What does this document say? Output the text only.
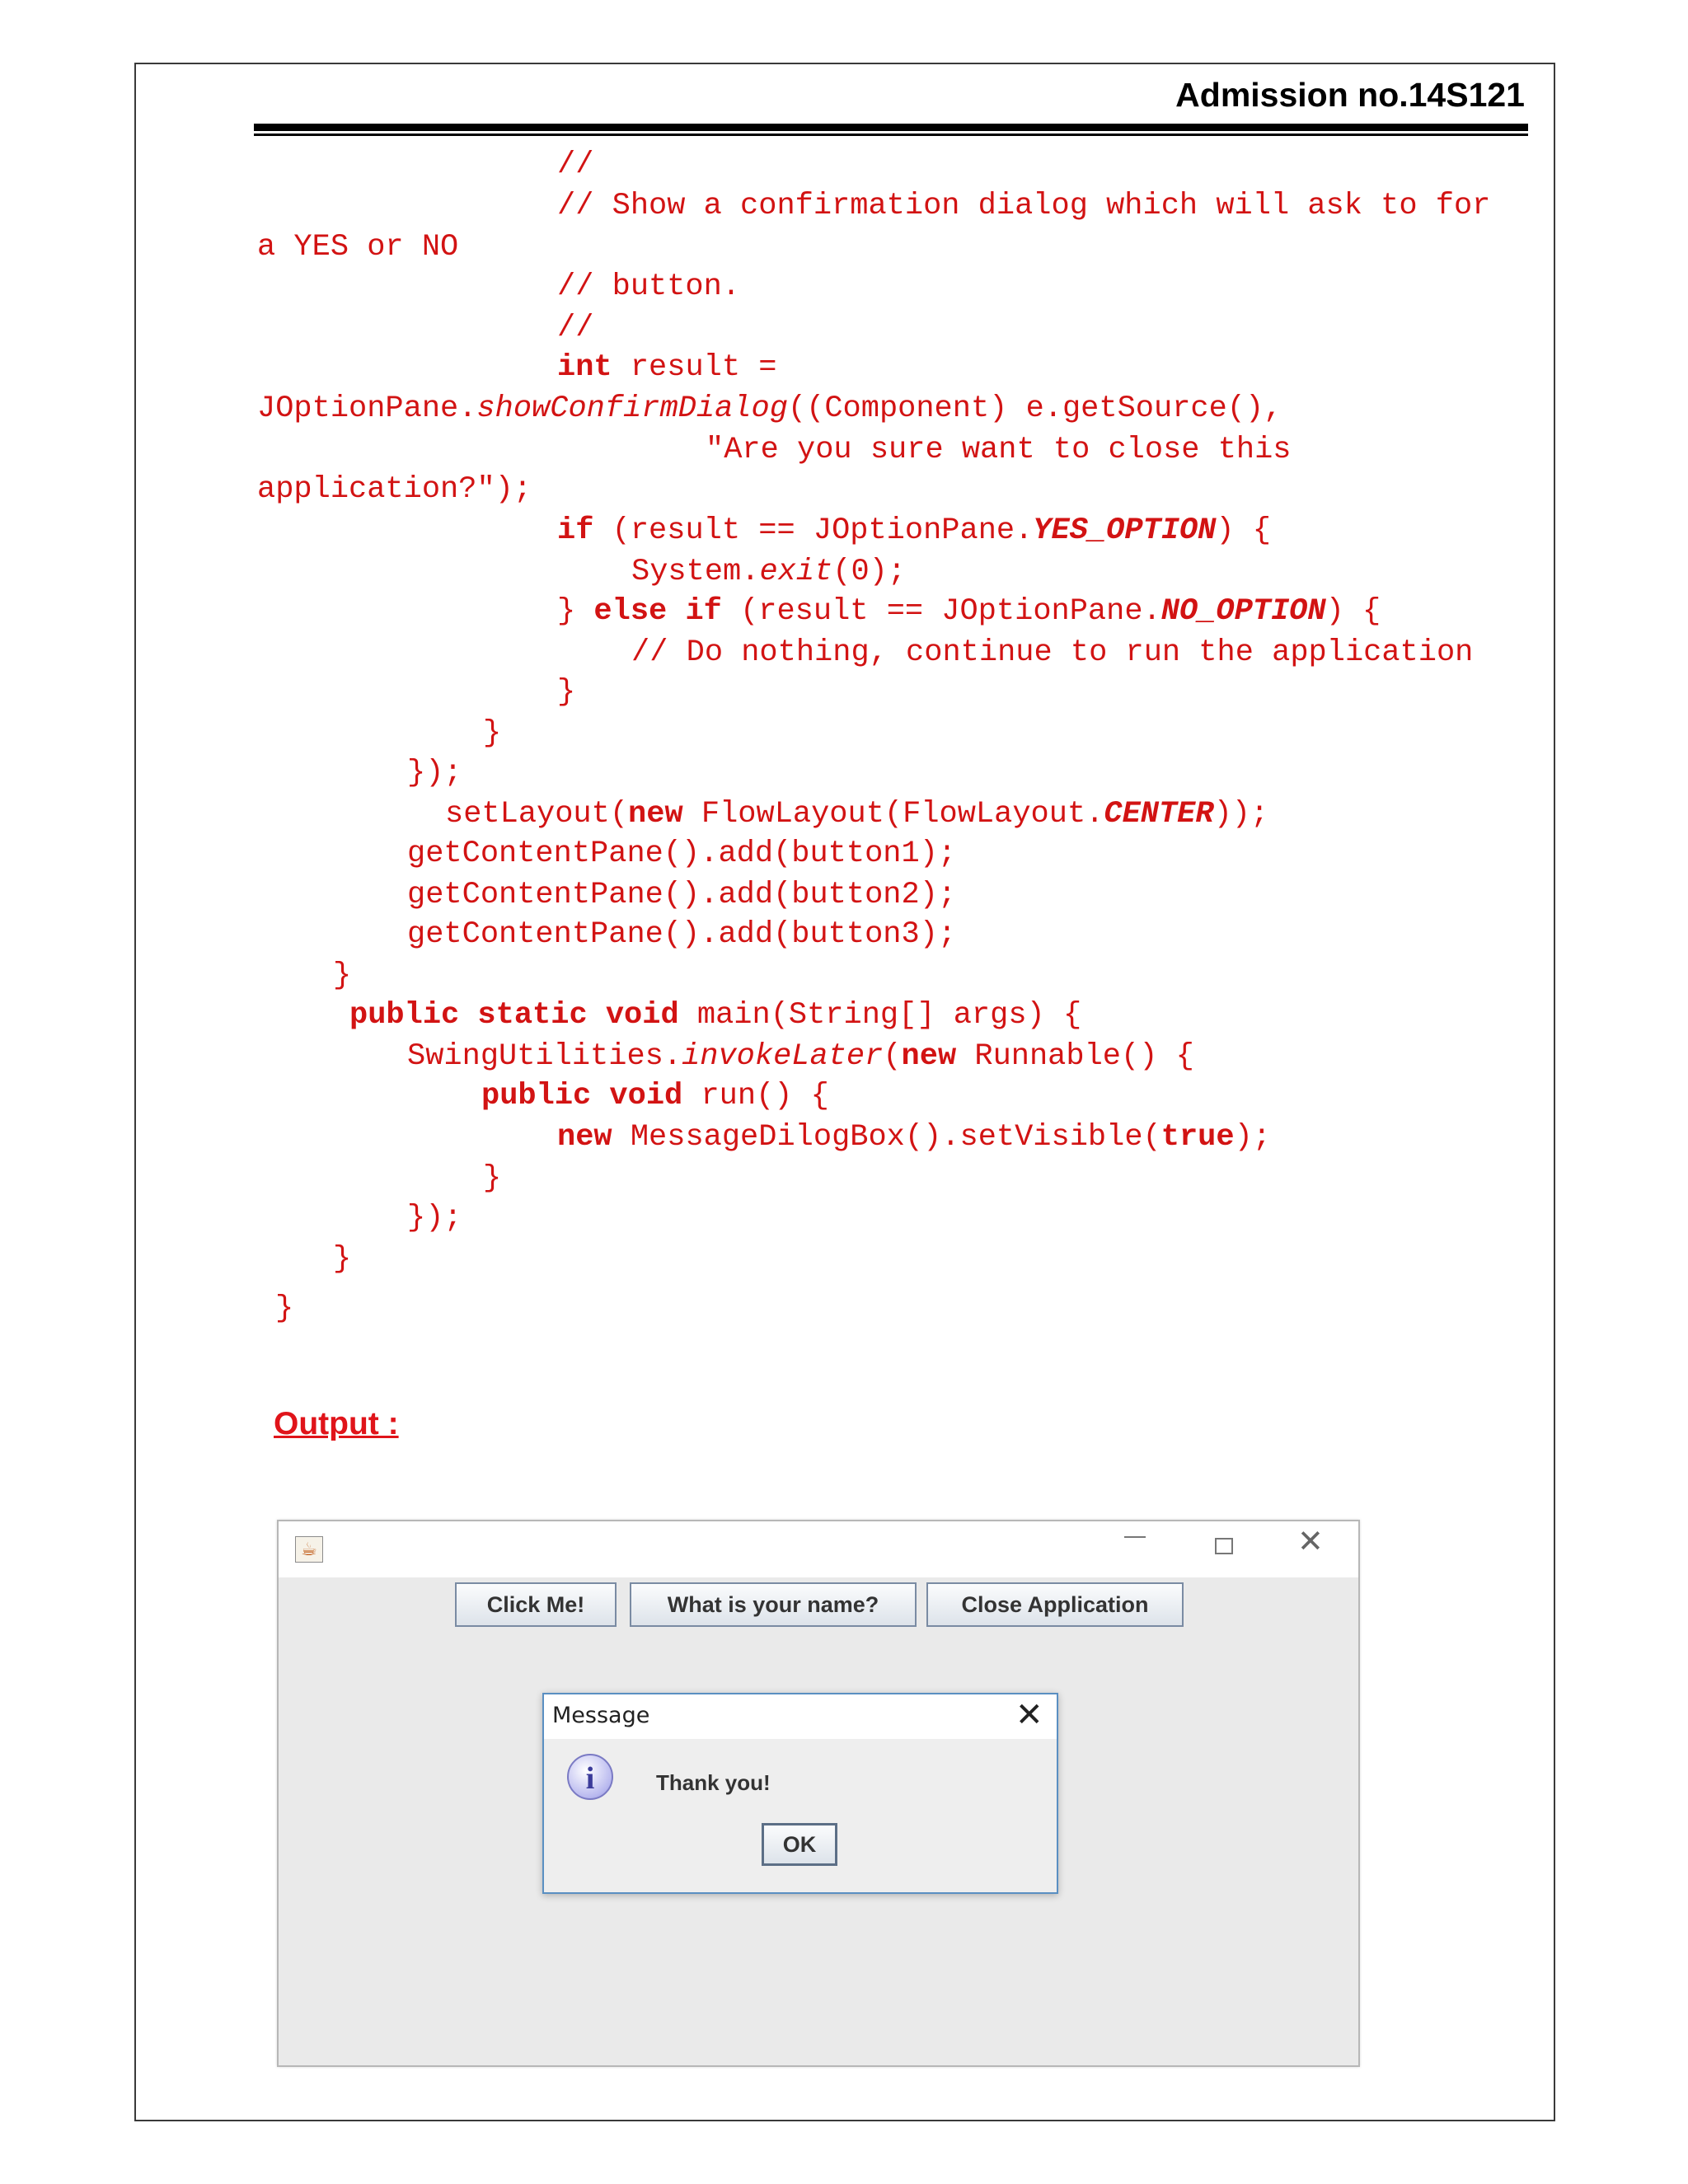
Admission no.14S121
//
// Show a confirmation dialog which will ask to for
a YES or NO
// button.
//
int result =
JOptionPane.showConfirmDialog((Component) e.getSource(),
"Are you sure want to close this
application?");
if (result == JOptionPane.YES_OPTION) {
System.exit(0);
} else if (result == JOptionPane.NO_OPTION) {
// Do nothing, continue to run the application
}
}
});
setLayout(new FlowLayout(FlowLayout.CENTER));
getContentPane().add(button1);
getContentPane().add(button2);
getContentPane().add(button3);
}
public static void main(String[] args) {
SwingUtilities.invokeLater(new Runnable() {
public void run() {
new MessageDilogBox().setVisible(true);
}
});
}
}
Output :
☕	✕
Click Me!	What is your name?	Close Application
Message	✕
i	Thank you!
OK
